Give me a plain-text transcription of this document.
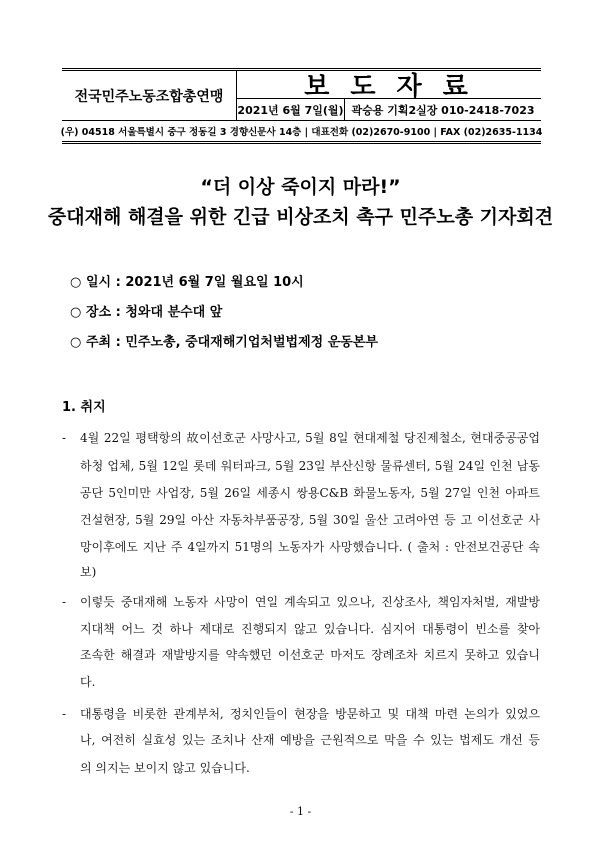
전국민주노동조합총연맹	보 도 자 료
2021년 6월 7일(월) 곽승용 기획2실장 010-2418-7023
(우) 04518 서울특별시 중구 정동길 3 경향신문사 14층 | 대표전화 (02)2670-9100 | FAX (02)2635-1134
“더 이상 죽이지 마라!”
중대재해 해결을 위한 긴급 비상조치 촉구 민주노총 기자회견
○ 일시 : 2021년 6월 7일 월요일 10시
○ 장소 : 청와대 분수대 앞
○ 주최 : 민주노총, 중대재해기업처벌법제정 운동본부
1. 취지
-	4월 22일 평택항의 故이선호군 사망사고, 5월 8일 현대제철 당진제철소, 현대중공공업
하청 업체, 5월 12일 롯데 워터파크, 5월 23일 부산신항 물류센터, 5월 24일 인천 남동
공단 5인미만 사업장, 5월 26일 세종시 쌍용C&B 화물노동자, 5월 27일 인천 아파트
건설현장, 5월 29일 아산 자동차부품공장, 5월 30일 울산 고려아연 등 고 이선호군 사
망이후에도 지난 주 4일까지 51명의 노동자가 사망했습니다. ( 출처 : 안전보건공단 속
보)
-	이렇듯 중대재해 노동자 사망이 연일 계속되고 있으나, 진상조사, 책임자처벌, 재발방
지대책 어느 것 하나 제대로 진행되지 않고 있습니다. 심지어 대통령이 빈소를 찾아
조속한 해결과 재발방지를 약속했던 이선호군 마저도 장례조차 치르지 못하고 있습니
다.
-	대통령을 비롯한 관계부처, 정치인들이 현장을 방문하고 및 대책 마련 논의가 있었으
나, 여전히 실효성 있는 조치나 산재 예방을 근원적으로 막을 수 있는 법제도 개선 등
의 의지는 보이지 않고 있습니다.
- 1 -
